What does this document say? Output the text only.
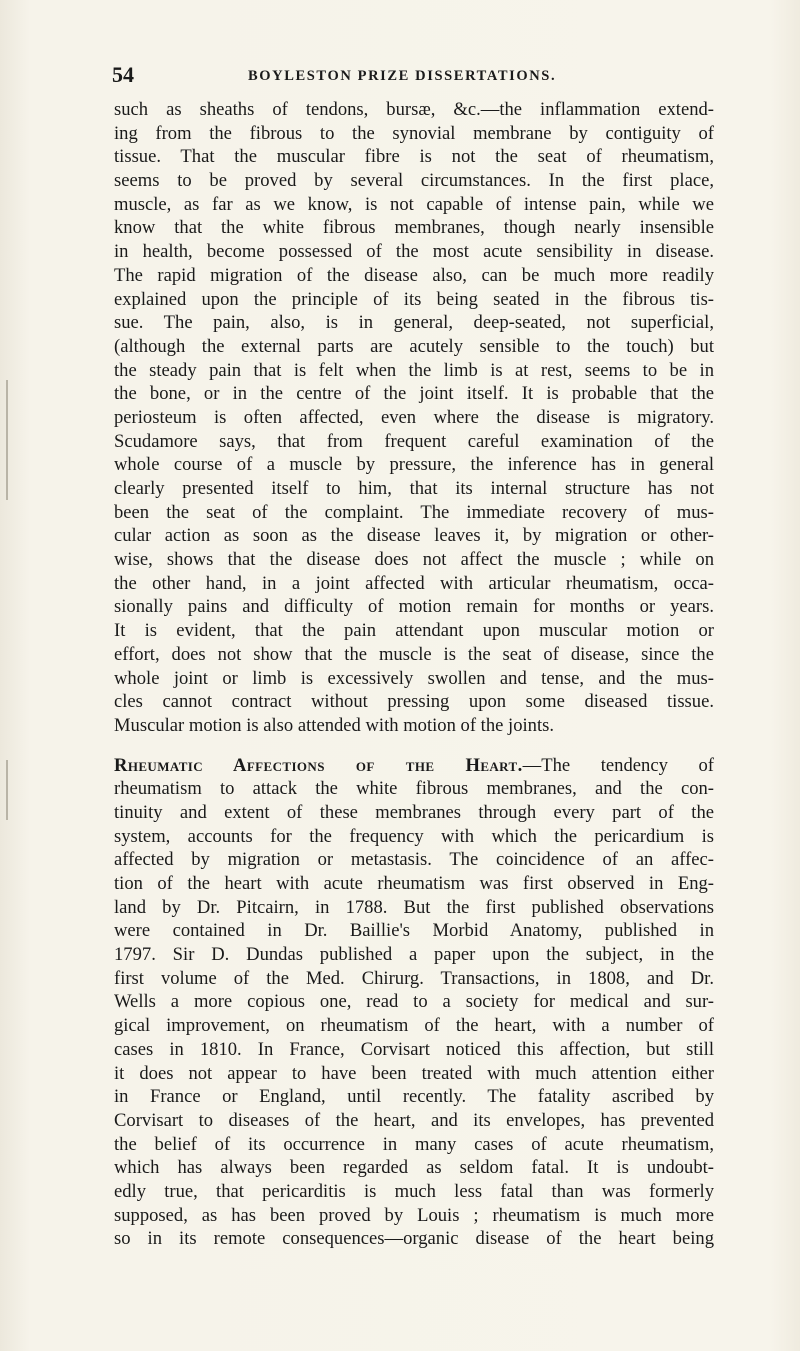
54	BOYLESTON PRIZE DISSERTATIONS.
such as sheaths of tendons, bursæ, &c.—the inflammation extend-
ing from the fibrous to the synovial membrane by contiguity of
tissue. That the muscular fibre is not the seat of rheumatism,
seems to be proved by several circumstances. In the first place,
muscle, as far as we know, is not capable of intense pain, while we
know that the white fibrous membranes, though nearly insensible
in health, become possessed of the most acute sensibility in disease.
The rapid migration of the disease also, can be much more readily
explained upon the principle of its being seated in the fibrous tis-
sue. The pain, also, is in general, deep-seated, not superficial,
(although the external parts are acutely sensible to the touch) but
the steady pain that is felt when the limb is at rest, seems to be in
the bone, or in the centre of the joint itself. It is probable that the
periosteum is often affected, even where the disease is migratory.
Scudamore says, that from frequent careful examination of the
whole course of a muscle by pressure, the inference has in general
clearly presented itself to him, that its internal structure has not
been the seat of the complaint. The immediate recovery of mus-
cular action as soon as the disease leaves it, by migration or other-
wise, shows that the disease does not affect the muscle ; while on
the other hand, in a joint affected with articular rheumatism, occa-
sionally pains and difficulty of motion remain for months or years.
It is evident, that the pain attendant upon muscular motion or
effort, does not show that the muscle is the seat of disease, since the
whole joint or limb is excessively swollen and tense, and the mus-
cles cannot contract without pressing upon some diseased tissue.
Muscular motion is also attended with motion of the joints.
Rheumatic Affections of the Heart.—The tendency of
rheumatism to attack the white fibrous membranes, and the con-
tinuity and extent of these membranes through every part of the
system, accounts for the frequency with which the pericardium is
affected by migration or metastasis. The coincidence of an affec-
tion of the heart with acute rheumatism was first observed in Eng-
land by Dr. Pitcairn, in 1788. But the first published observations
were contained in Dr. Baillie's Morbid Anatomy, published in
1797. Sir D. Dundas published a paper upon the subject, in the
first volume of the Med. Chirurg. Transactions, in 1808, and Dr.
Wells a more copious one, read to a society for medical and sur-
gical improvement, on rheumatism of the heart, with a number of
cases in 1810. In France, Corvisart noticed this affection, but still
it does not appear to have been treated with much attention either
in France or England, until recently. The fatality ascribed by
Corvisart to diseases of the heart, and its envelopes, has prevented
the belief of its occurrence in many cases of acute rheumatism,
which has always been regarded as seldom fatal. It is undoubt-
edly true, that pericarditis is much less fatal than was formerly
supposed, as has been proved by Louis ; rheumatism is much more
so in its remote consequences—organic disease of the heart being
